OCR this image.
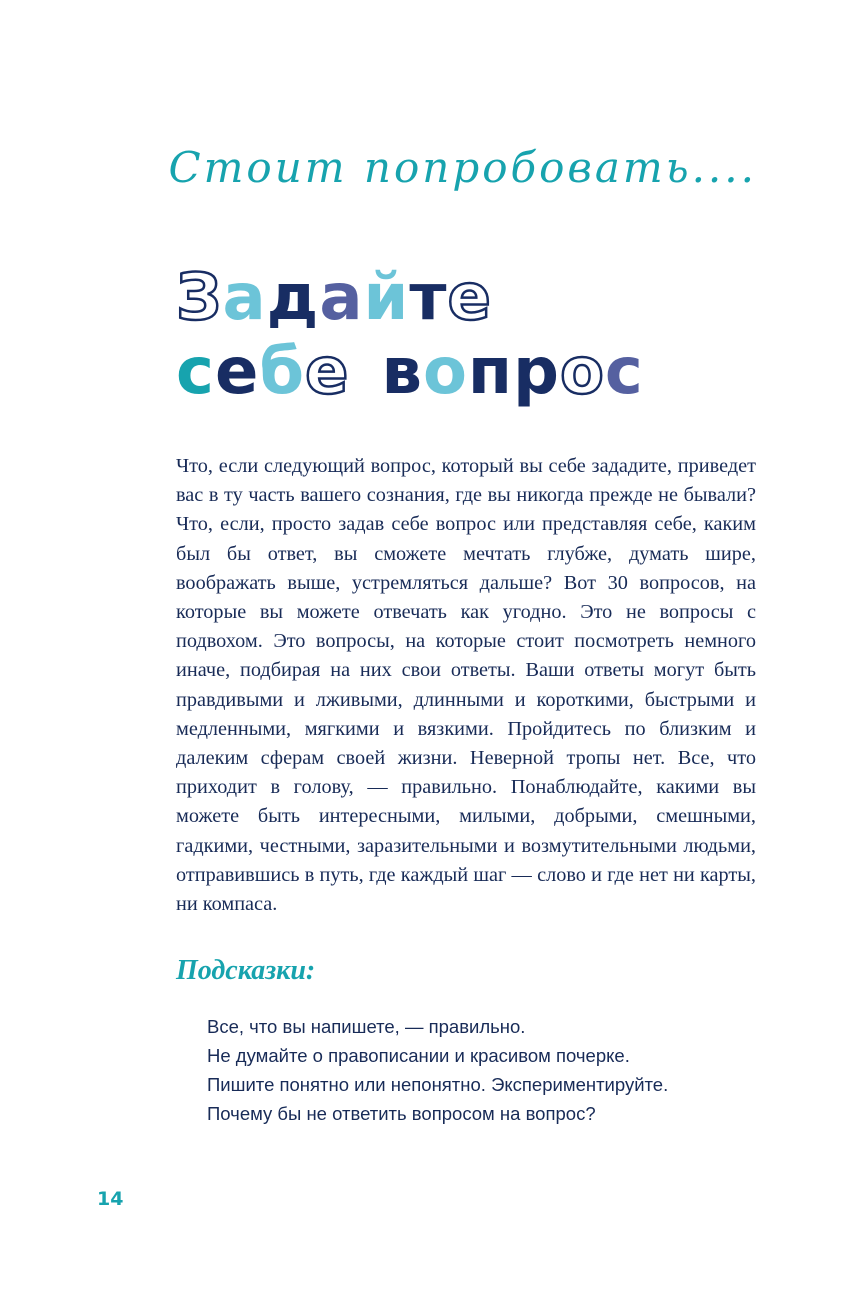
Стоит попробовать....
Задайте
себе вопрос

Что, если следующий вопрос, который вы себе зададите, приведет вас в ту часть вашего сознания, где вы никогда прежде не бывали? Что, если, просто задав себе вопрос или представляя себе, каким был бы ответ, вы сможете мечтать глубже, думать шире, воображать выше, устремляться дальше? Вот 30 вопросов, на которые вы можете отвечать как угодно. Это не вопросы с подвохом. Это вопросы, на которые стоит посмотреть немного иначе, подбирая на них свои ответы. Ваши ответы могут быть правдивыми и лживыми, длинными и короткими, быстрыми и медленными, мягкими и вязкими. Пройдитесь по близким и далеким сферам своей жизни. Неверной тропы нет. Все, что приходит в голову, — правильно. Понаблюдайте, какими вы можете быть интересными, милыми, добрыми, смешными, гадкими, честными, заразительными и возмутительными людьми, отправившись в путь, где каждый шаг — слово и где нет ни карты, ни компаса.

Подсказки:
Все, что вы напишете, — правильно.
Не думайте о правописании и красивом почерке.
Пишите понятно или непонятно. Экспериментируйте.
Почему бы не ответить вопросом на вопрос?
14
